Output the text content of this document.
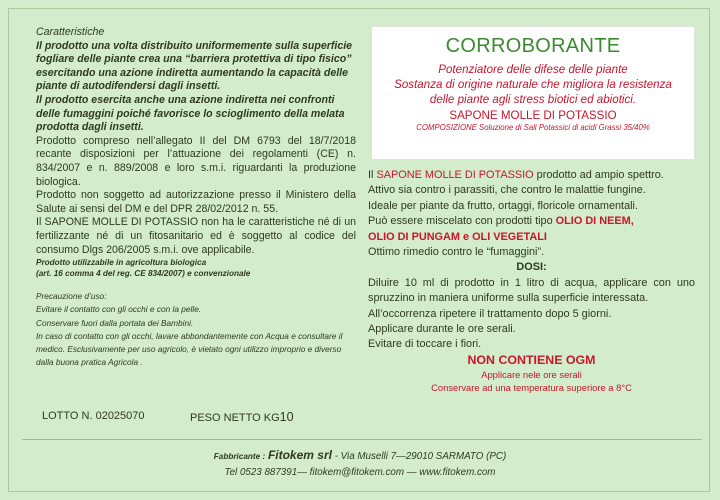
Caratteristiche

Il prodotto una volta distribuito uniformemente sulla superficie fogliare delle piante crea una “barriera protettiva di tipo fisico” esercitando una azione indiretta aumentando la capacità delle piante di autodifendersi dagli insetti.

Il prodotto esercita anche una azione indiretta nei confronti delle fumaggini poiché favorisce lo scioglimento della melata prodotta dagli insetti.

Prodotto compreso nell’allegato II del DM 6793 del 18/7/2018 recante disposizioni per l’attuazione dei regolamenti (CE) n. 834/2007 e n. 889/2008 e loro s.m.i. riguardanti la produzione biologica.

Prodotto non soggetto ad autorizzazione presso il Ministero della Salute ai sensi del DM e del DPR 28/02/2012 n. 55.

Il SAPONE MOLLE DI POTASSIO non ha le caratteristiche né di un fertilizzante né di un fitosanitario ed è soggetto al codice del consumo Dlgs 206/2005 s.m.i. ove applicabile.

Prodotto utilizzabile in agricoltura biologica

(art. 16 comma 4 del reg. CE 834/2007) e convenzionale

Precauzione d’uso:

Evitare il contatto con gli occhi e con la pelle.

Conservare fuori dalla portata dei Bambini.

In caso di contatto con gli occhi, lavare abbondantemente con Acqua e consultare il medico. Esclusivamente per uso agricolo, è vietato ogni utilizzo improprio e diverso dalla buona pratica Agricola .

LOTTO N. 02025070	PESO NETTO KG10
CORROBORANTE
Potenziatore delle difese delle piante
Sostanza di origine naturale che migliora la resistenza delle piante agli stress biotici ed abiotici.
SAPONE MOLLE DI POTASSIO
COMPOSIZIONE Soluzione di Sali Potassici di acidi Grassi 35/40%

Il SAPONE MOLLE DI POTASSIO prodotto ad ampio spettro.

Attivo sia contro i parassiti, che contro le malattie fungine.

Ideale per piante da frutto, ortaggi, floricole ornamentali.

Può essere miscelato con prodotti tipo OLIO DI NEEM,

OLIO DI PUNGAM e OLI VEGETALI

Ottimo rimedio contro le “fumaggini”.

DOSI:

Diluire 10 ml di prodotto in 1 litro di acqua, applicare con uno spruzzino in maniera uniforme sulla superficie interessata.

All’occorrenza ripetere il trattamento dopo 5 giorni.

Applicare durante le ore serali.

Evitare di toccare i fiori.

NON CONTIENE OGM

Applicare nele ore serali

Conservare ad una temperatura superiore a 8°C

Fabbricante : Fitokem srl - Via Muselli 7—29010 SARMATO (PC)
Tel 0523 887391— fitokem@fitokem.com — www.fitokem.com
